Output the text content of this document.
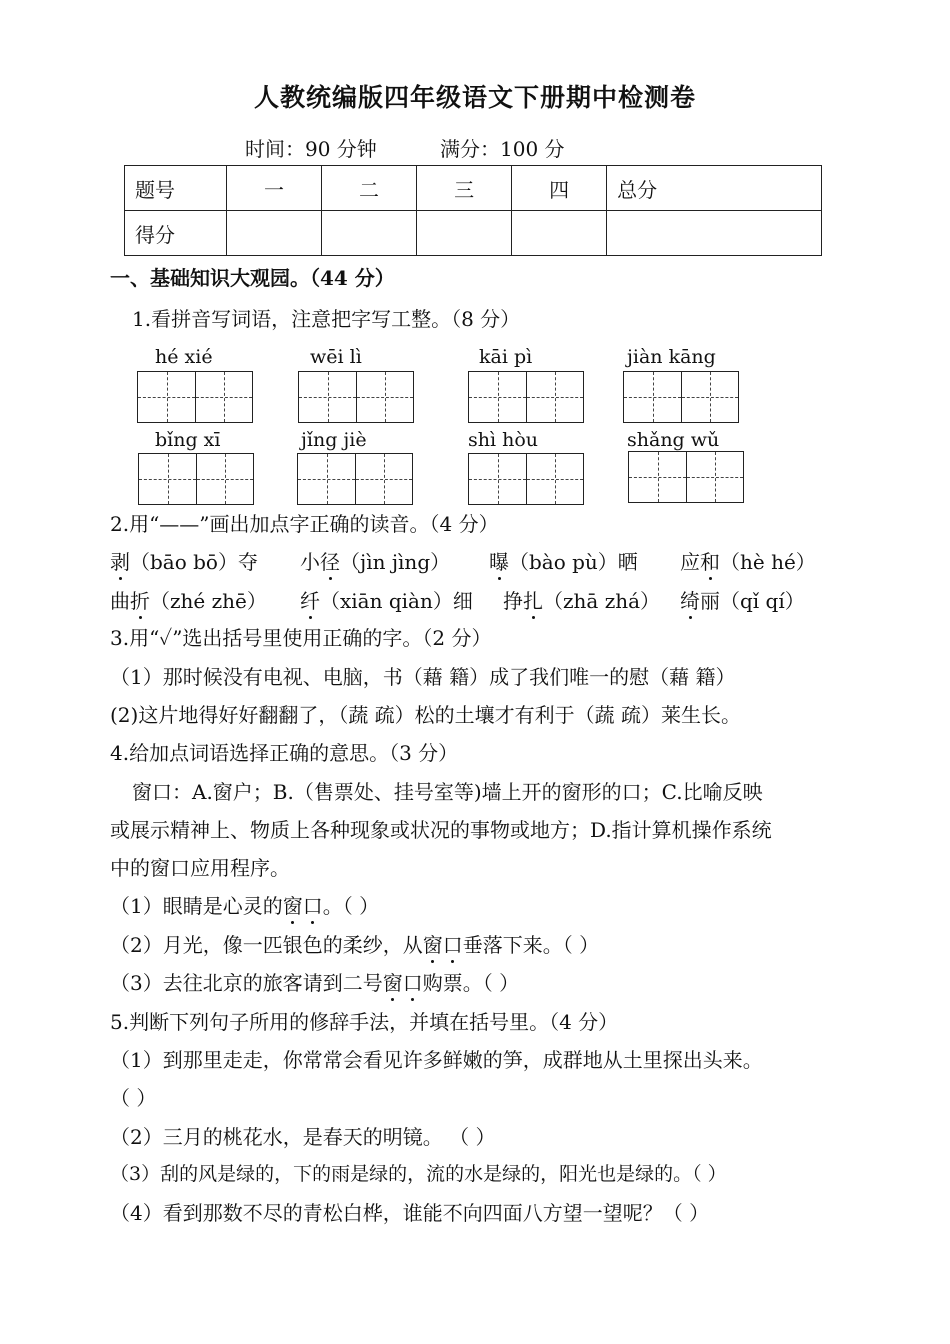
人教统编版四年级语文下册期中检测卷
时间：90 分钟	满分：100 分
题号	一	二	三	四	总分
得分					
一、基础知识大观园。（44 分）
1.看拼音写词语，注意把字写工整。（8 分）
hé xié	wēi lì	kāi pì	jiàn kāng
bǐng xī	jǐng jiè	shì hòu	shǎng wǔ
2.用“——”画出加点字正确的读音。（4 分）
剥（bāo bō）夺 小径（jìn jìng） 曝（bào pù）晒 应和（hè hé）
曲折（zhé zhē） 纤（xiān qiàn）细 挣扎（zhā zhá） 绮丽（qǐ qí）
3.用“✓”选出括号里使用正确的字。（2 分）
（1）那时候没有电视、电脑，书（藉 籍）成了我们唯一的慰（藉 籍）
(2)这片地得好好翻翻了，（蔬 疏）松的土壤才有利于（蔬 疏）莱生长。
4.给加点词语选择正确的意思。（3 分）
窗口：A.窗户；B.（售票处、挂号室等)墙上开的窗形的口；C.比喻反映
或展示精神上、物质上各种现象或状况的事物或地方；D.指计算机操作系统
中的窗口应用程序。
（1）眼睛是心灵的窗口。（ ）
（2）月光，像一匹银色的柔纱，从窗口垂落下来。（ ）
（3）去往北京的旅客请到二号窗口购票。（ ）
5.判断下列句子所用的修辞手法，并填在括号里。（4 分）
（1）到那里走走，你常常会看见许多鲜嫩的笋，成群地从土里探出头来。
（ ）
（2）三月的桃花水，是春天的明镜。 （ ）
（3）刮的风是绿的，下的雨是绿的，流的水是绿的，阳光也是绿的。（ ）
（4）看到那数不尽的青松白桦，谁能不向四面八方望一望呢？（ ）
